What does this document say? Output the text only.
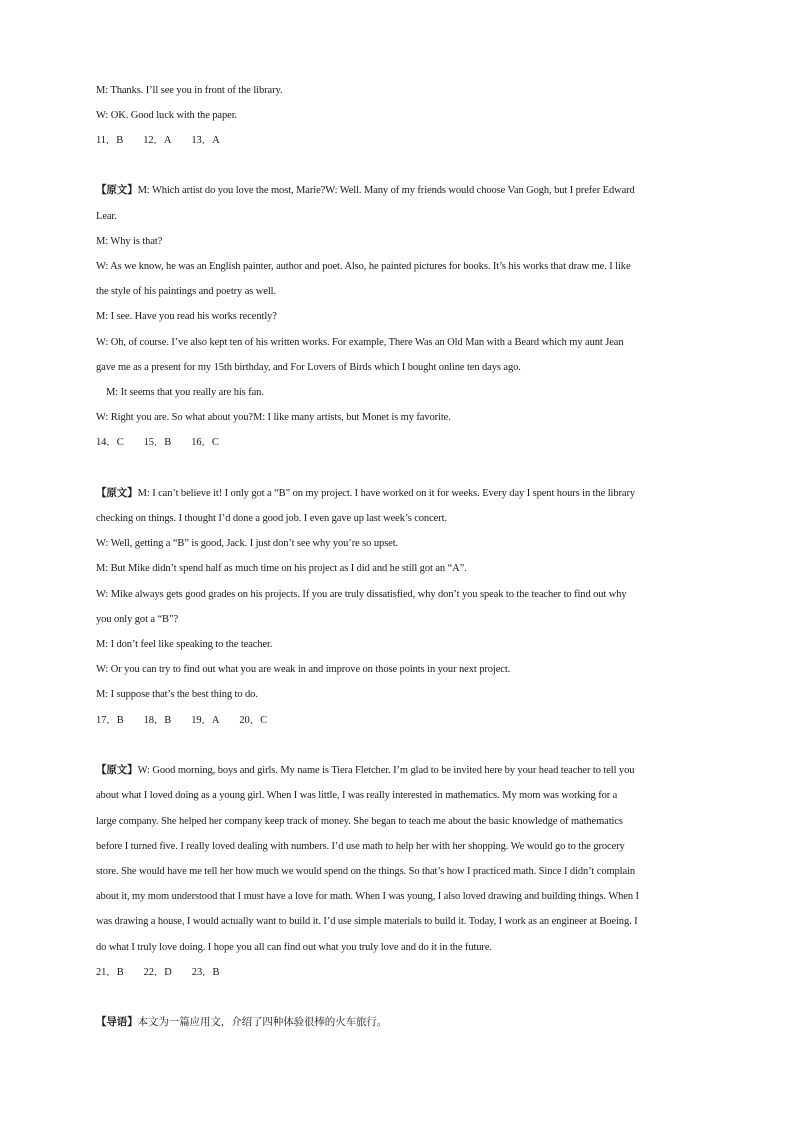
M: Thanks. I’ll see you in front of the library.
W: OK. Good luck with the paper.
11．B 12．A 13．A
【原文】M: Which artist do you love the most, Marie?W: Well. Many of my friends would choose Van Gogh, but I prefer Edward
Lear.
M: Why is that?
W: As we know, he was an English painter, author and poet. Also, he painted pictures for books. It’s his works that draw me. I like
the style of his paintings and poetry as well.
M: I see. Have you read his works recently?
W: Oh, of course. I’ve also kept ten of his written works. For example, There Was an Old Man with a Beard which my aunt Jean
gave me as a present for my 15th birthday, and For Lovers of Birds which I bought online ten days ago.
M: It seems that you really are his fan.
W: Right you are. So what about you?M: I like many artists, but Monet is my favorite.
14．C 15．B 16．C
【原文】M: I can’t believe it! I only got a “B” on my project. I have worked on it for weeks. Every day I spent hours in the library
checking on things. I thought I’d done a good job. I even gave up last week’s concert.
W: Well, getting a “B” is good, Jack. I just don’t see why you’re so upset.
M: But Mike didn’t spend half as much time on his project as I did and he still got an “A”.
W: Mike always gets good grades on his projects. If you are truly dissatisfied, why don’t you speak to the teacher to find out why
you only got a “B”?
M: I don’t feel like speaking to the teacher.
W: Or you can try to find out what you are weak in and improve on those points in your next project.
M: I suppose that’s the best thing to do.
17．B 18．B 19．A 20．C
【原文】W: Good morning, boys and girls. My name is Tiera Fletcher. I’m glad to be invited here by your head teacher to tell you
about what I loved doing as a young girl. When I was little, I was really interested in mathematics. My mom was working for a
large company. She helped her company keep track of money. She began to teach me about the basic knowledge of mathematics
before I turned five. I really loved dealing with numbers. I’d use math to help her with her shopping. We would go to the grocery
store. She would have me tell her how much we would spend on the things. So that’s how I practiced math. Since I didn’t complain
about it, my mom understood that I must have a love for math. When I was young, I also loved drawing and building things. When I
was drawing a house, I would actually want to build it. I’d use simple materials to build it. Today, I work as an engineer at Boeing. I
do what I truly love doing. I hope you all can find out what you truly love and do it in the future.
21．B 22．D 23．B
【导语】本文为一篇应用文，介绍了四种体验很棒的火车旅行。
